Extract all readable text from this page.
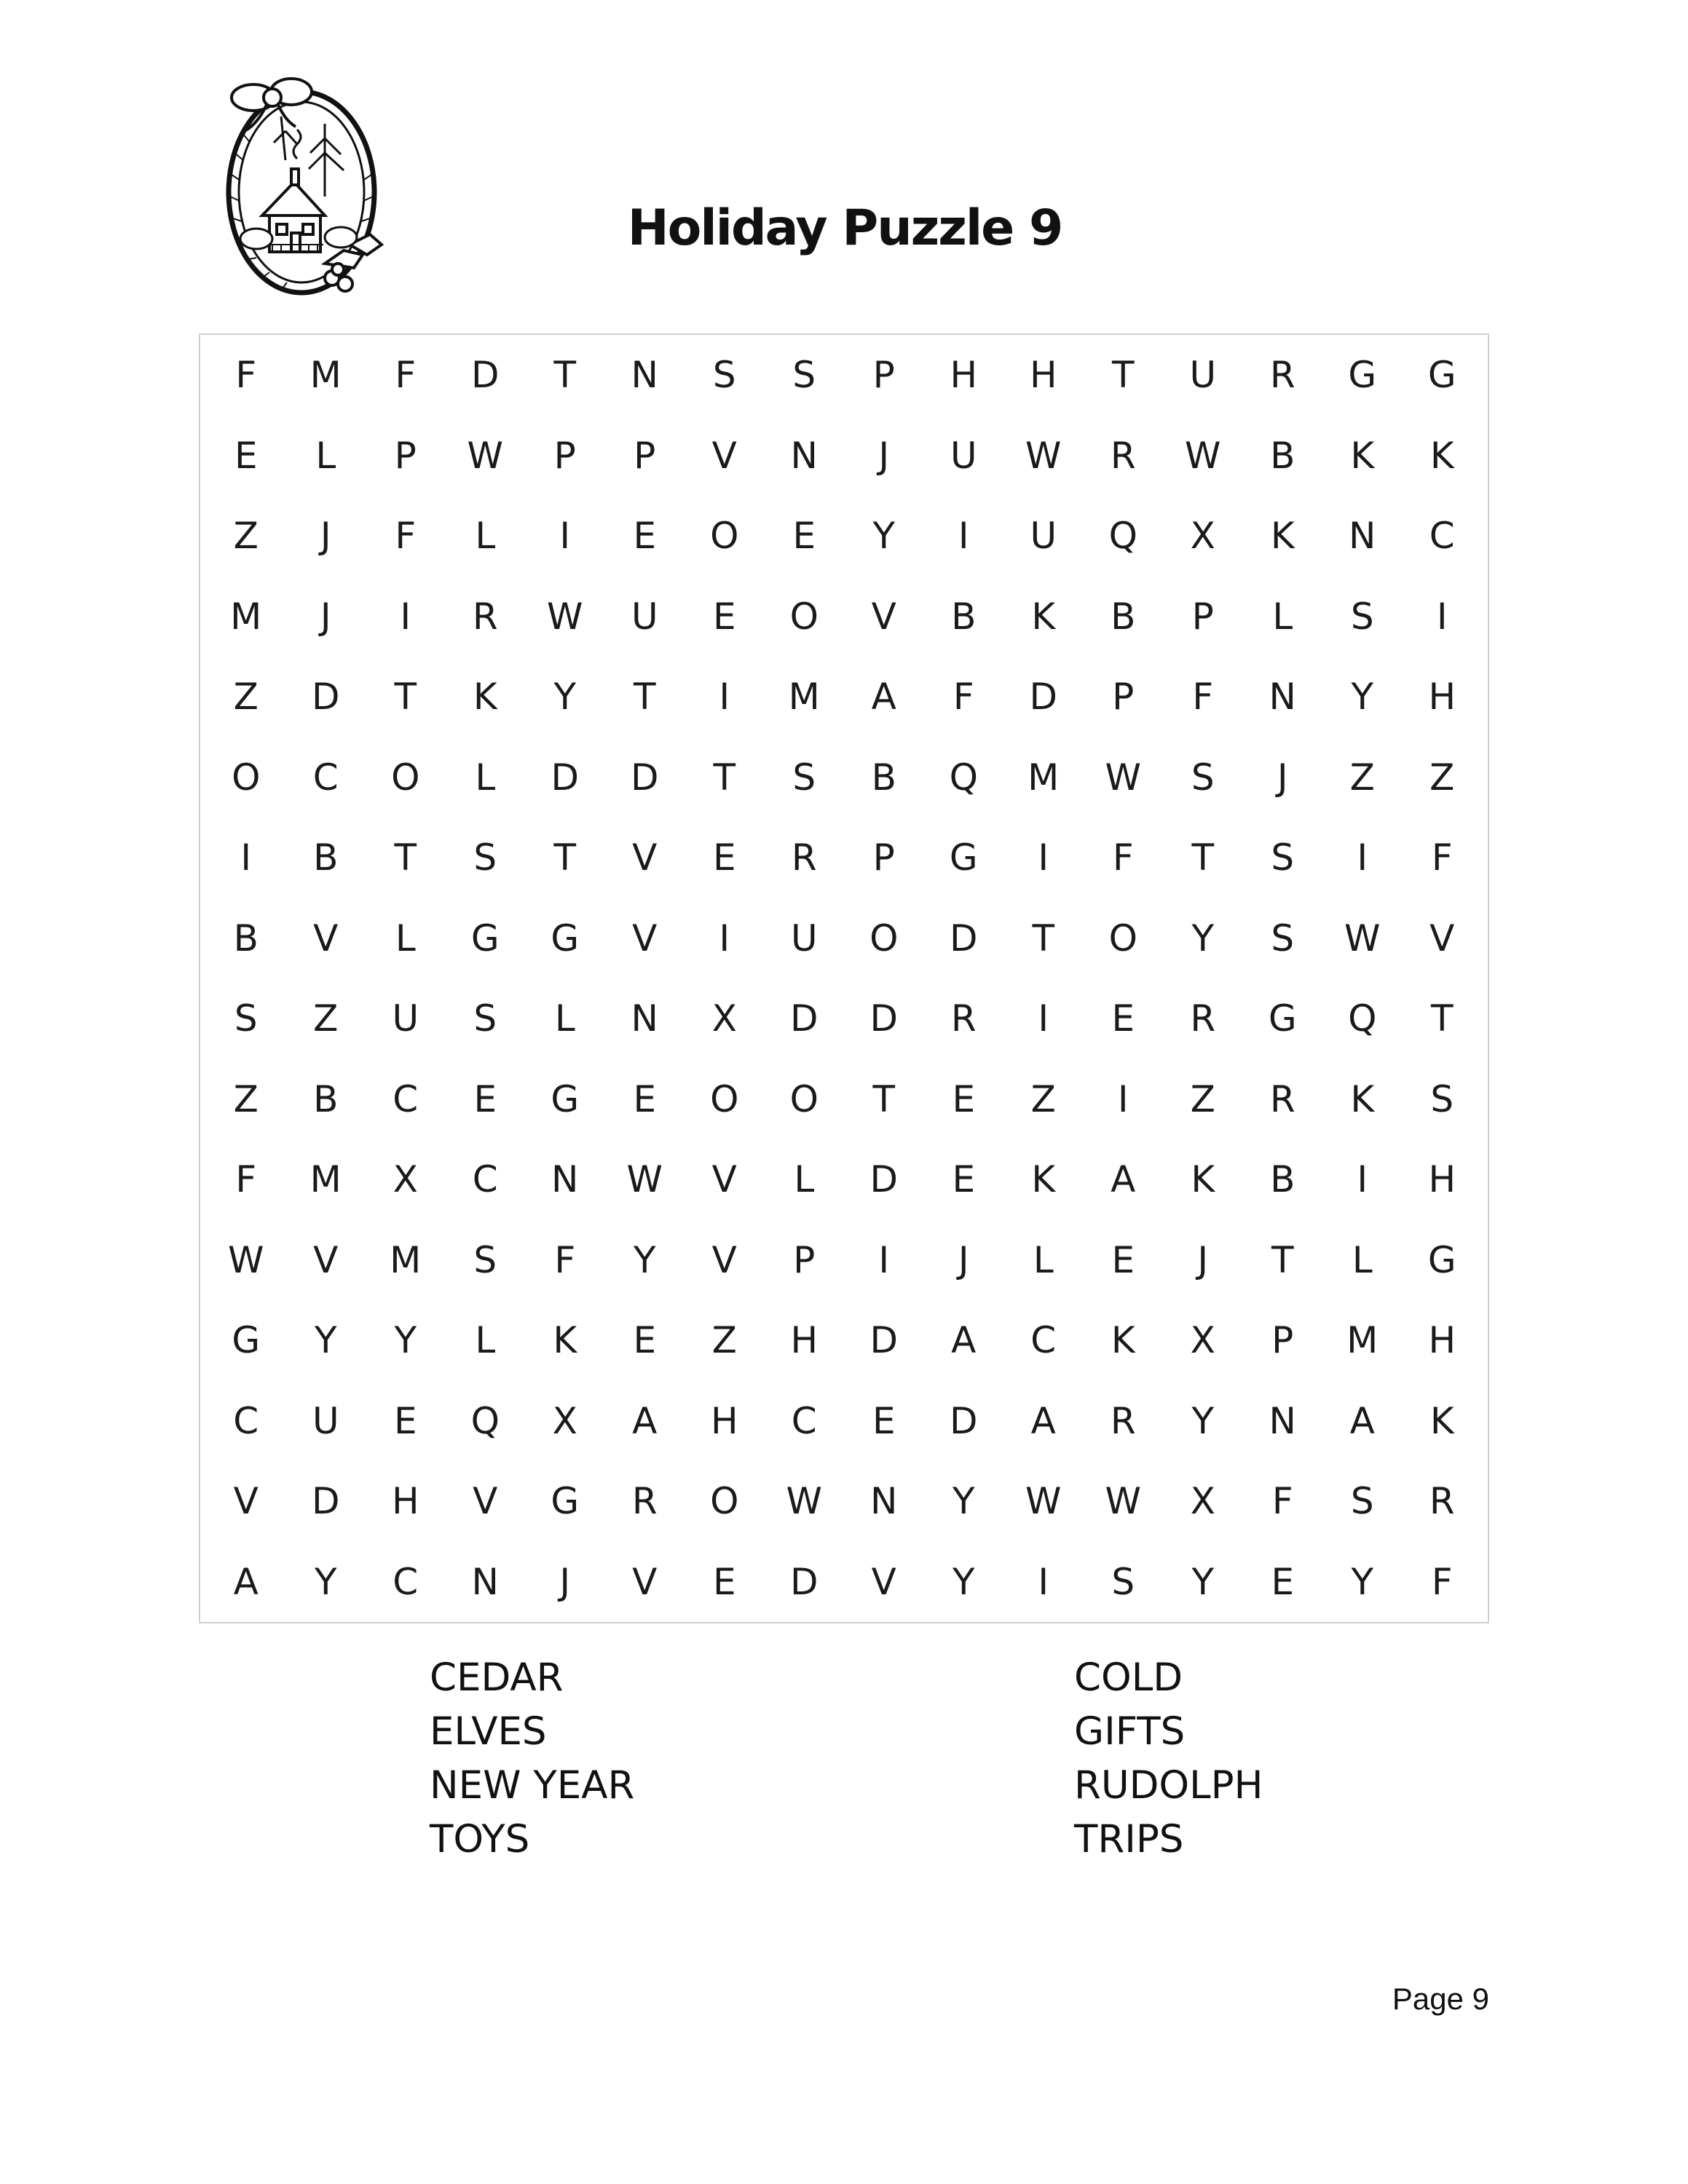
Holiday Puzzle 9
F	M	F	D	T	N	S	S	P	H	H	T	U	R	G	G
E	L	P	W	P	P	V	N	J	U	W	R	W	B	K	K
Z	J	F	L	I	E	O	E	Y	I	U	Q	X	K	N	C
M	J	I	R	W	U	E	O	V	B	K	B	P	L	S	I
Z	D	T	K	Y	T	I	M	A	F	D	P	F	N	Y	H
O	C	O	L	D	D	T	S	B	Q	M	W	S	J	Z	Z
I	B	T	S	T	V	E	R	P	G	I	F	T	S	I	F
B	V	L	G	G	V	I	U	O	D	T	O	Y	S	W	V
S	Z	U	S	L	N	X	D	D	R	I	E	R	G	Q	T
Z	B	C	E	G	E	O	O	T	E	Z	I	Z	R	K	S
F	M	X	C	N	W	V	L	D	E	K	A	K	B	I	H
W	V	M	S	F	Y	V	P	I	J	L	E	J	T	L	G
G	Y	Y	L	K	E	Z	H	D	A	C	K	X	P	M	H
C	U	E	Q	X	A	H	C	E	D	A	R	Y	N	A	K
V	D	H	V	G	R	O	W	N	Y	W	W	X	F	S	R
A	Y	C	N	J	V	E	D	V	Y	I	S	Y	E	Y	F
CEDAR
ELVES
NEW YEAR
TOYS
COLD
GIFTS
RUDOLPH
TRIPS
Page 9
